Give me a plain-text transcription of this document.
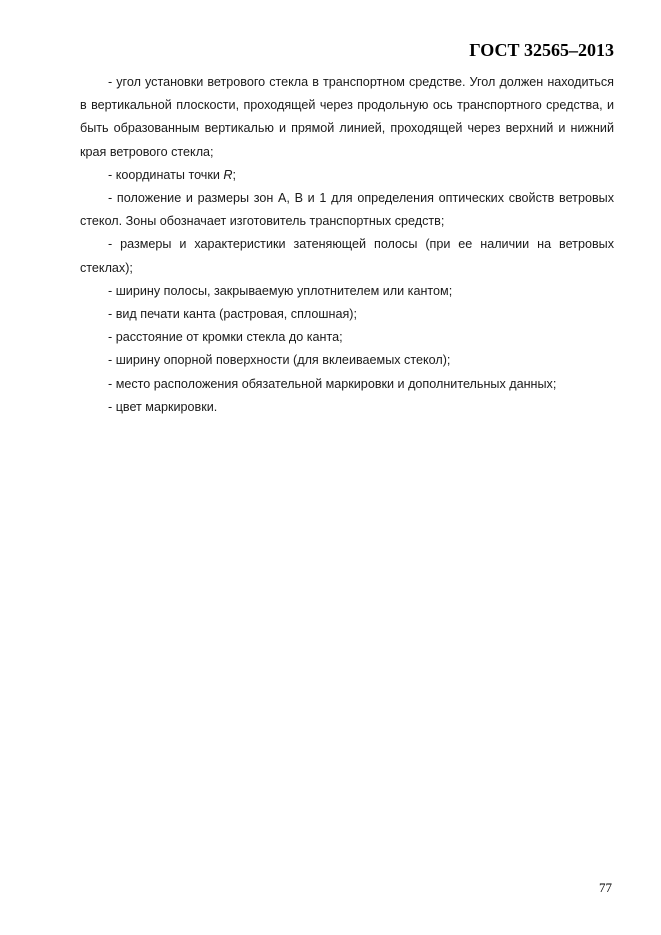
ГОСТ 32565–2013

- угол установки ветрового стекла в транспортном средстве. Угол должен находиться в вертикальной плоскости, проходящей через продольную ось транспортного средства, и быть образованным вертикалью и прямой линией, проходящей через верхний и нижний края ветрового стекла;

- координаты точки R;

- положение и размеры зон A, B и 1 для определения оптических свойств ветровых стекол. Зоны обозначает изготовитель транспортных средств;

- размеры и характеристики затеняющей полосы (при ее наличии на ветровых стеклах);

- ширину полосы, закрываемую уплотнителем или кантом;

- вид печати канта (растровая, сплошная);

- расстояние от кромки стекла до канта;

- ширину опорной поверхности (для вклеиваемых стекол);

- место расположения обязательной маркировки и дополнительных данных;

- цвет маркировки.

77
